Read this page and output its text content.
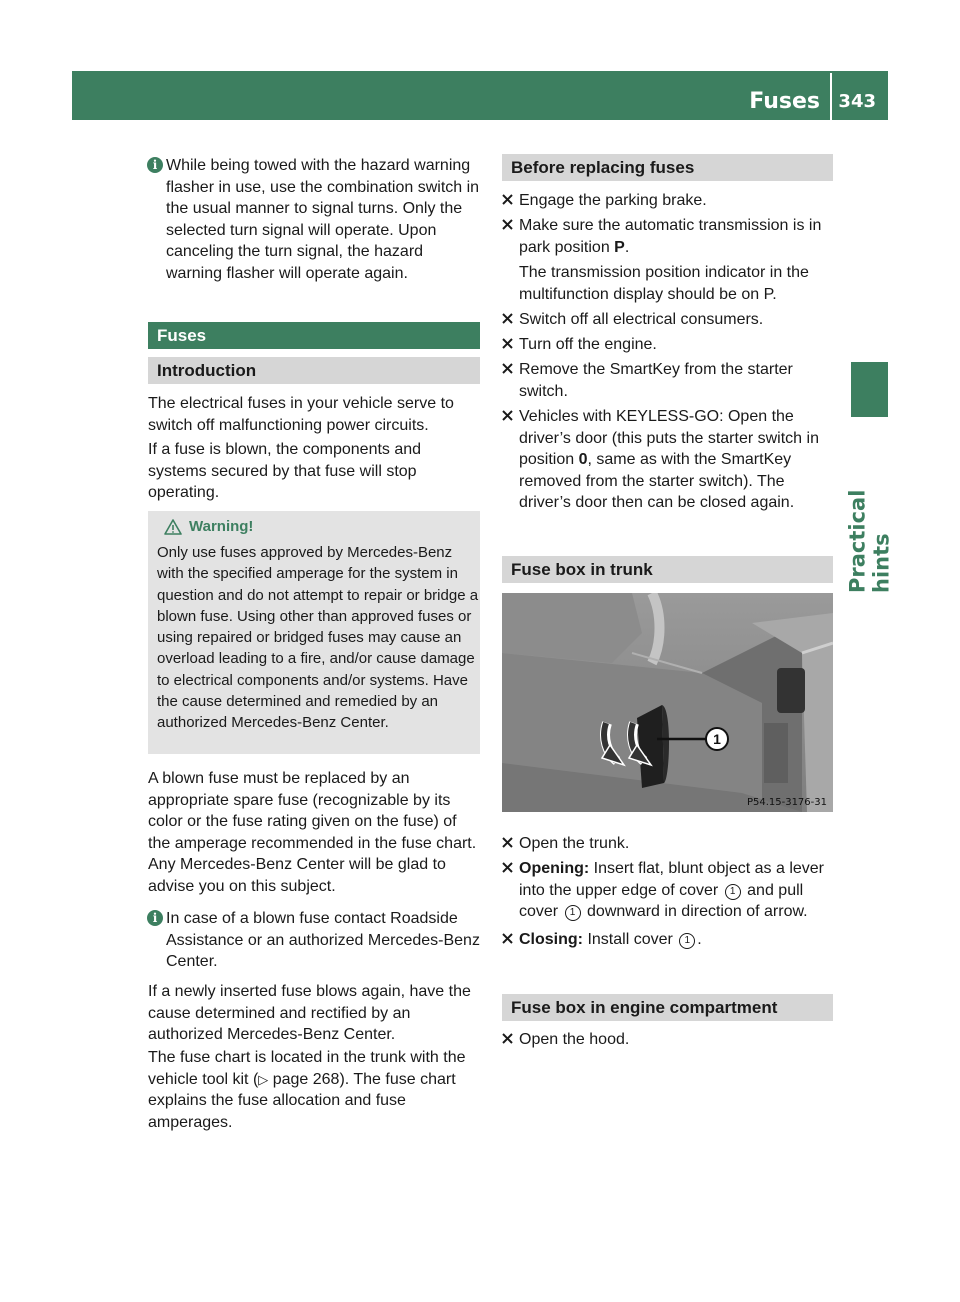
Fuses 343
Practical hints
i While being towed with the hazard warning flasher in use, use the combination switch in the usual manner to signal turns. Only the selected turn signal will operate. Upon canceling the turn signal, the hazard warning flasher will operate again.
Fuses
Introduction

The electrical fuses in your vehicle serve to switch off malfunctioning power circuits.

If a fuse is blown, the components and systems secured by that fuse will stop operating.

Warning!
Only use fuses approved by Mercedes-Benz with the specified amperage for the system in question and do not attempt to repair or bridge a blown fuse. Using other than approved fuses or using repaired or bridged fuses may cause an overload leading to a fire, and/or cause damage to electrical components and/or systems. Have the cause determined and remedied by an authorized Mercedes-Benz Center.

A blown fuse must be replaced by an appropriate spare fuse (recognizable by its color or the fuse rating given on the fuse) of the amperage recommended in the fuse chart. Any Mercedes-Benz Center will be glad to advise you on this subject.

i In case of a blown fuse contact Roadside Assistance or an authorized Mercedes-Benz Center.

If a newly inserted fuse blows again, have the cause determined and rectified by an authorized Mercedes-Benz Center.

The fuse chart is located in the trunk with the vehicle tool kit (▷ page 268). The fuse chart explains the fuse allocation and fuse amperages.

Before replacing fuses
Engage the parking brake.
Make sure the automatic transmission is in park position P.
The transmission position indicator in the multifunction display should be on P.
Switch off all electrical consumers.
Turn off the engine.
Remove the SmartKey from the starter switch.
Vehicles with KEYLESS-GO: Open the driver’s door (this puts the starter switch in position 0, same as with the SmartKey removed from the starter switch). The driver’s door then can be closed again.
Fuse box in trunk
1
P54.15-3176-31
Open the trunk.
Opening: Insert flat, blunt object as a lever into the upper edge of cover 1 and pull cover 1 downward in direction of arrow.
Closing: Install cover 1 .
Fuse box in engine compartment
Open the hood.
